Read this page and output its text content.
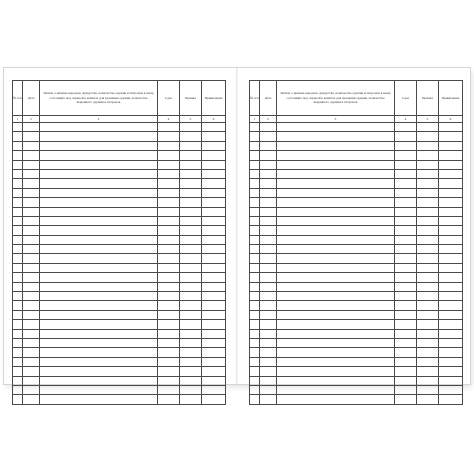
№ п/п	Дата	Записи о приеме-передаче дежурства, количестве оружия и патронов к нему, состоящих под охраной в комнате для хранения оружия, количестве выданного оружия и патронов	Сдал	Принял	Примечание
1	2	3	4	5	6

№ п/п	Дата	Записи о приеме-передаче дежурства, количестве оружия и патронов к нему, состоящих под охраной в комнате для хранения оружия, количестве выданного оружия и патронов	Сдал	Принял	Примечание
1	2	3	4	5	6
